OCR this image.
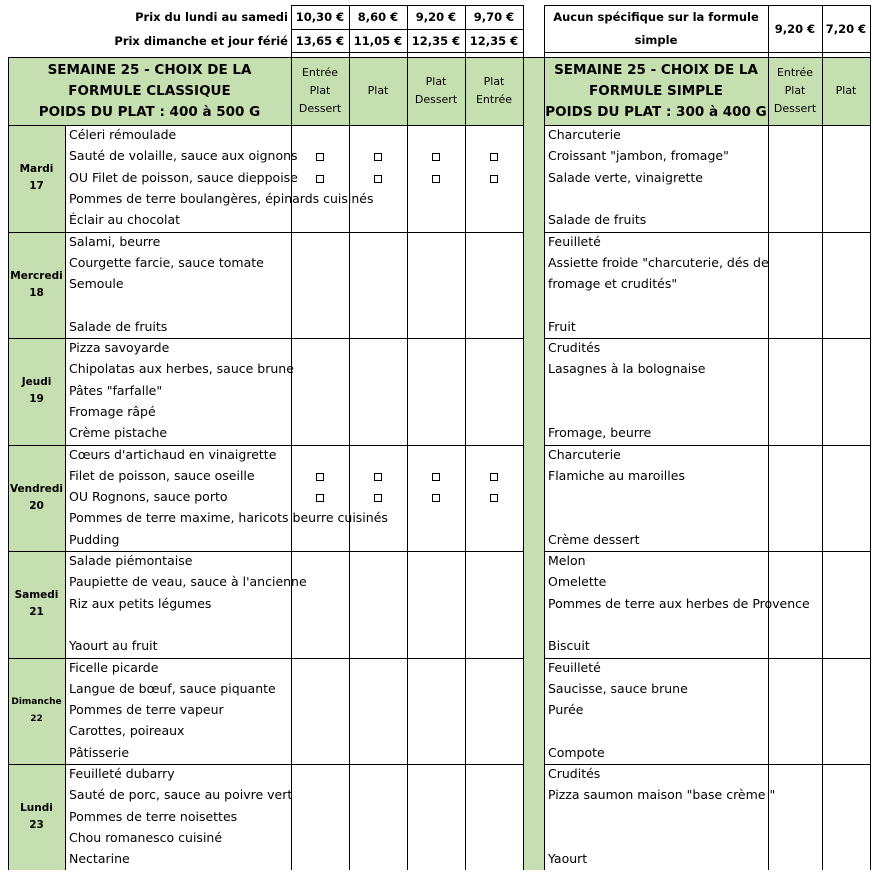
Prix du lundi au samedi
Prix dimanche et jour férié
10,30 €
13,65 €
8,60 €
11,05 €
9,20 €
12,35 €
9,70 €
12,35 €
Aucun spécifique sur la formule
simple
9,20 € 7,20 €
SEMAINE 25 - CHOIX DE LA
FORMULE CLASSIQUE
POIDS DU PLAT : 400 à 500 G
SEMAINE 25 - CHOIX DE LA
FORMULE SIMPLE
POIDS DU PLAT : 300 à 400 G
Entrée
Plat
Dessert
Plat
Plat
Dessert
Plat
Entrée
Entrée
Plat
Dessert
Plat
Mardi
17
Céleri rémoulade
Sauté de volaille, sauce aux oignons
OU Filet de poisson, sauce dieppoise
Pommes de terre boulangères, épinards cuisinés
Éclair au chocolat
Charcuterie
Croissant "jambon, fromage"
Salade verte, vinaigrette
Salade de fruits
Mercredi
18
Salami, beurre
Courgette farcie, sauce tomate
Semoule
Salade de fruits
Feuilleté
Assiette froide "charcuterie, dés de
fromage et crudités"
Fruit
Jeudi
19
Pizza savoyarde
Chipolatas aux herbes, sauce brune
Pâtes "farfalle"
Fromage râpé
Crème pistache
Crudités
Lasagnes à la bolognaise
Fromage, beurre
Vendredi
20
Cœurs d'artichaud en vinaigrette
Filet de poisson, sauce oseille
OU Rognons, sauce porto
Pommes de terre maxime, haricots beurre cuisinés
Pudding
Charcuterie
Flamiche au maroilles
Crème dessert
Samedi
21
Salade piémontaise
Paupiette de veau, sauce à l'ancienne
Riz aux petits légumes
Yaourt au fruit
Melon
Omelette
Pommes de terre aux herbes de Provence
Biscuit
Dimanche
22
Ficelle picarde
Langue de bœuf, sauce piquante
Pommes de terre vapeur
Carottes, poireaux
Pâtisserie
Feuilleté
Saucisse, sauce brune
Purée
Compote
Lundi
23
Feuilleté dubarry
Sauté de porc, sauce au poivre vert
Pommes de terre noisettes
Chou romanesco cuisiné
Nectarine
Crudités
Pizza saumon maison "base crème "
Yaourt
